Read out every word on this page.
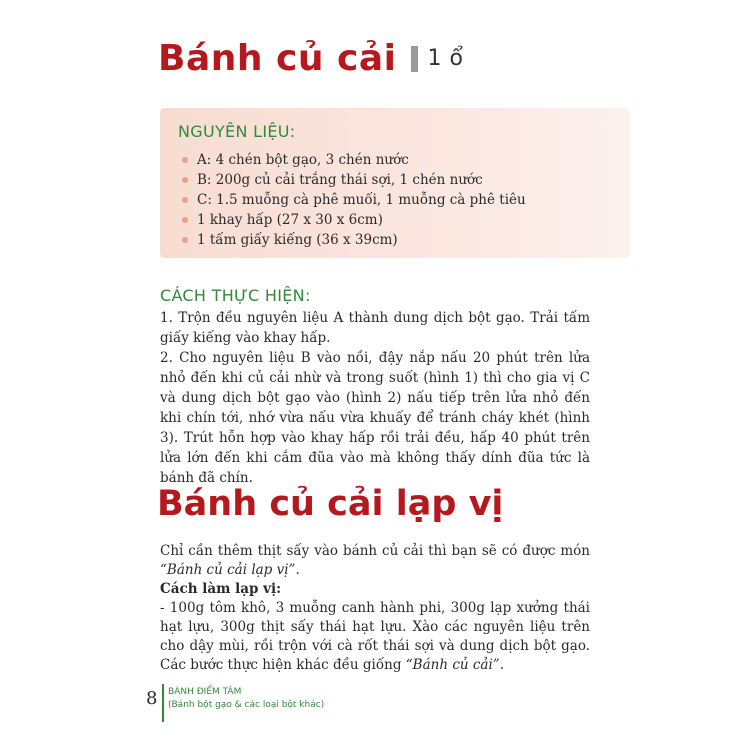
Bánh củ cải 1 ổ
NGUYÊN LIỆU:
A: 4 chén bột gạo, 3 chén nước
B: 200g củ cải trắng thái sợi, 1 chén nước
C: 1.5 muỗng cà phê muối, 1 muỗng cà phê tiêu
1 khay hấp (27 x 30 x 6cm)
1 tấm giấy kiếng (36 x 39cm)
CÁCH THỰC HIỆN:

1. Trộn đều nguyên liệu A thành dung dịch bột gạo. Trải tấm giấy kiếng vào khay hấp.

2. Cho nguyên liệu B vào nồi, đậy nắp nấu 20 phút trên lửa nhỏ đến khi củ cải nhừ và trong suốt (hình 1) thì cho gia vị C và dung dịch bột gạo vào (hình 2) nấu tiếp trên lửa nhỏ đến khi chín tới, nhớ vừa nấu vừa khuấy để tránh cháy khét (hình 3). Trút hỗn hợp vào khay hấp rồi trải đều, hấp 40 phút trên lửa lớn đến khi cắm đũa vào mà không thấy dính đũa tức là bánh đã chín.

Bánh củ cải lạp vị

Chỉ cần thêm thịt sấy vào bánh củ cải thì bạn sẽ có được món “Bánh củ cải lạp vị”.

Cách làm lạp vị:

- 100g tôm khô, 3 muỗng canh hành phi, 300g lạp xưởng thái hạt lựu, 300g thịt sấy thái hạt lựu. Xào các nguyên liệu trên cho dậy mùi, rồi trộn với cà rốt thái sợi và dung dịch bột gạo. Các bước thực hiện khác đều giống “Bánh củ cải”.

8 BÁNH ĐIỂM TÂM
(Bánh bột gạo & các loại bột khác)
